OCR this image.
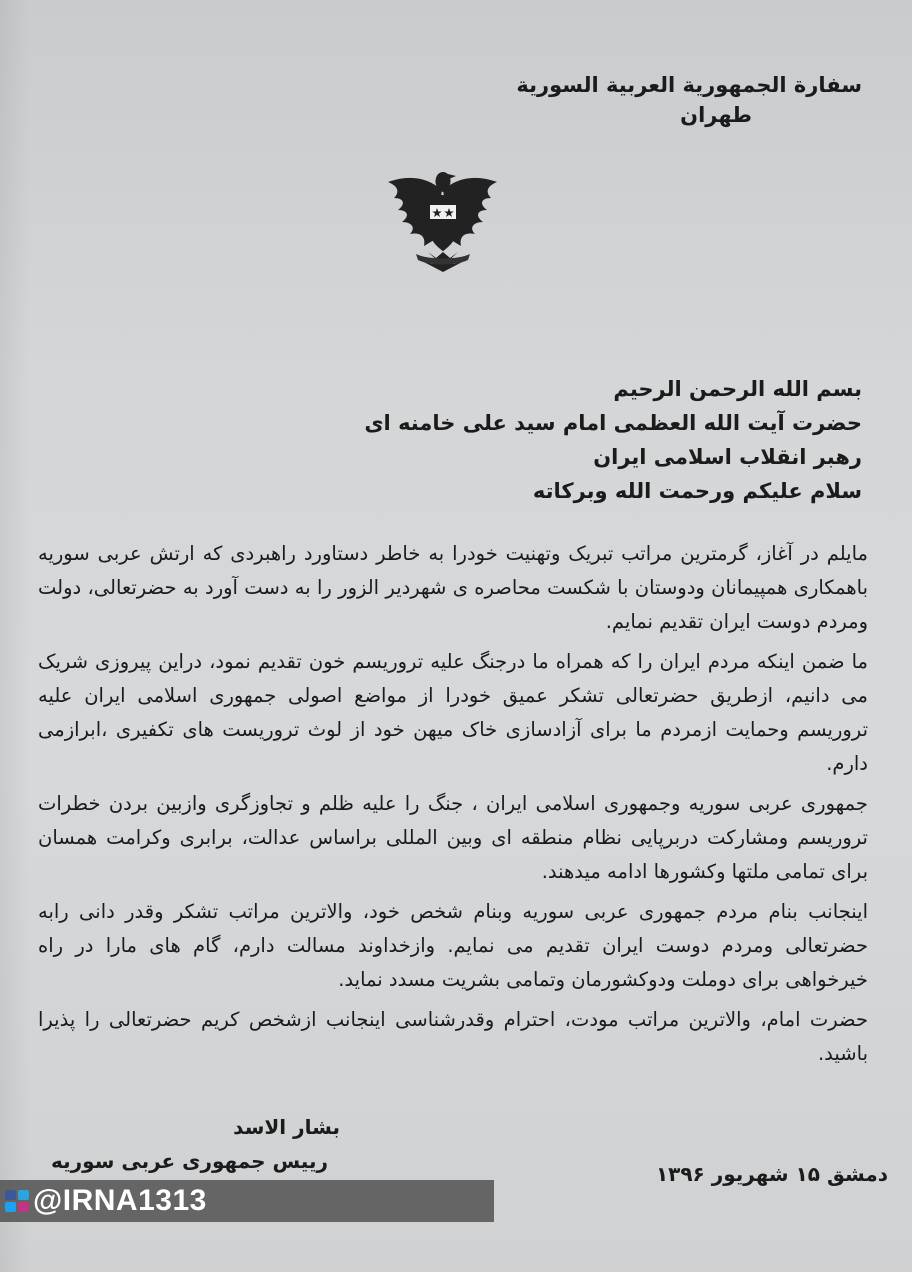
سفارة الجمهورية العربية السورية
طهران
بسم الله الرحمن الرحيم
حضرت آیت الله العظمی امام سید علی خامنه ای
رهبر انقلاب اسلامی ایران
سلام علیکم ورحمت الله وبرکاته

مایلم در آغاز، گرمترین مراتب تبریک وتهنیت خودرا به خاطر دستاورد راهبردی که ارتش عربی سوریه باهمکاری همپیمانان ودوستان با شکست محاصره ی شهردیر الزور را به دست آورد به حضرتعالی، دولت ومردم دوست ایران تقدیم نمایم.

ما ضمن اینکه مردم ایران را که همراه ما درجنگ علیه تروریسم خون تقدیم نمود، دراین پیروزی شریک می دانیم، ازطریق حضرتعالی تشکر عمیق خودرا از مواضع اصولی جمهوری اسلامی ایران علیه تروریسم وحمایت ازمردم ما برای آزادسازی خاک میهن خود از لوث تروریست های تکفیری ،ابرازمی دارم.

جمهوری عربی سوریه وجمهوری اسلامی ایران ، جنگ را علیه ظلم و تجاوزگری وازبین بردن خطرات تروریسم ومشارکت دربرپایی نظام منطقه ای وبین المللی براساس عدالت، برابری وکرامت همسان برای تمامی ملتها وکشورها ادامه میدهند.

اینجانب بنام مردم جمهوری عربی سوریه وبنام شخص خود، والاترین مراتب تشکر وقدر دانی رابه حضرتعالی ومردم دوست ایران تقدیم می نمایم. وازخداوند مسالت دارم، گام های مارا در راه خیرخواهی برای دوملت ودوکشورمان وتمامی بشریت مسدد نماید.

حضرت امام، والاترین مراتب مودت، احترام وقدرشناسی اینجانب ازشخص کریم حضرتعالی را پذیرا باشید.

بشار الاسد
رییس جمهوری عربی سوریه
دمشق ۱۵ شهریور ۱۳۹۶
@IRNA1313
